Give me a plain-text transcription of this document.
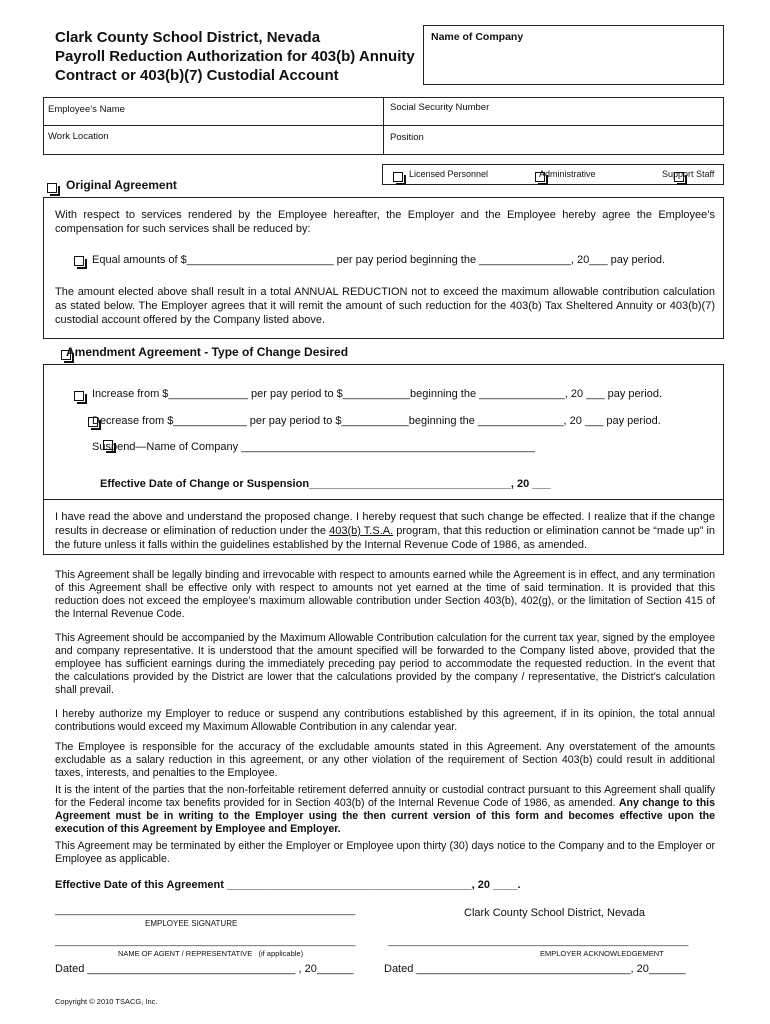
Clark County School District, Nevada
Payroll Reduction Authorization for 403(b) Annuity
Contract or 403(b)(7) Custodial Account
Name of Company
Employee’s Name	Social Security Number
Work Location	Position

Licensed Personnel
	Administrative	Support Staff

Original Agreement
With respect to services rendered by the Employee hereafter, the Employer and the Employee hereby agree the Employee’s compensation for such services shall be reduced by:
Equal amounts of $________________________ per pay period beginning the _______________, 20___ pay period.
The amount elected above shall result in a total ANNUAL REDUCTION not to exceed the maximum allowable contribution calculation as stated below. The Employer agrees that it will remit the amount of such reduction for the 403(b) Tax Sheltered Annuity or 403(b)(7) custodial account offered by the Company listed above.
Amendment Agreement - Type of Change Desired

Increase from $_____________ per pay period to $___________beginning the ______________, 20 ___ pay period.

Decrease from $____________ per pay period to $___________beginning the ______________, 20 ___ pay period.
Suspend—Name of Company ________________________________________________
Effective Date of Change or Suspension_________________________________, 20 ___
I have read the above and understand the proposed change. I hereby request that such change be effected. I realize that if the change results in decrease or elimination of reduction under the 403(b) T.S.A. program, that this reduction or elimination cannot be “made up” in the future unless it falls within the guidelines established by the Internal Revenue Code of 1986, as amended.
This Agreement shall be legally binding and irrevocable with respect to amounts earned while the Agreement is in effect, and any termination of this Agreement shall be effective only with respect to amounts not yet earned at the time of said termination. It is provided that this reduction does not exceed the employee’s maximum allowable contribution under Section 403(b), 402(g), or the limitation of Section 415 of the Internal Revenue Code.
This Agreement should be accompanied by the Maximum Allowable Contribution calculation for the current tax year, signed by the employee and company representative. It is understood that the amount specified will be forwarded to the Company listed above, provided that the employee has sufficient earnings during the immediately preceding pay period to accommodate the requested reduction. In the event that the calculations provided by the District are lower that the calculations provided by the company / representative, the District’s calculation shall prevail.
I hereby authorize my Employer to reduce or suspend any contributions established by this agreement, if in its opinion, the total annual contributions would exceed my Maximum Allowable Contribution in any calendar year.
The Employee is responsible for the accuracy of the excludable amounts stated in this Agreement. Any overstatement of the amounts excludable as a salary reduction in this agreement, or any other violation of the requirement of Section 403(b) could result in additional taxes, interests, and penalties to the Employee.
It is the intent of the parties that the non-forfeitable retirement deferred annuity or custodial contract pursuant to this Agreement shall qualify for the Federal income tax benefits provided for in Section 403(b) of the Internal Revenue Code of 1986, as amended. Any change to this Agreement must be in writing to the Employer using the then current version of this form and becomes effective upon the execution of this Agreement by Employee and Employer.
This Agreement may be terminated by either the Employer or Employee upon thirty (30) days notice to the Company and to the Employer or Employee as applicable.
Effective Date of this Agreement ________________________________________, 20 ____.
Clark County School District, Nevada
______________________________________________________
EMPLOYEE SIGNATURE
____________________________________________________________
NAME OF AGENT / REPRESENTATIVE (if applicable)
____________________________________________________________
EMPLOYER ACKNOWLEDGEMENT
Dated __________________________________ , 20______	Dated ___________________________________, 20______
Copyright © 2010 TSACG, Inc.
